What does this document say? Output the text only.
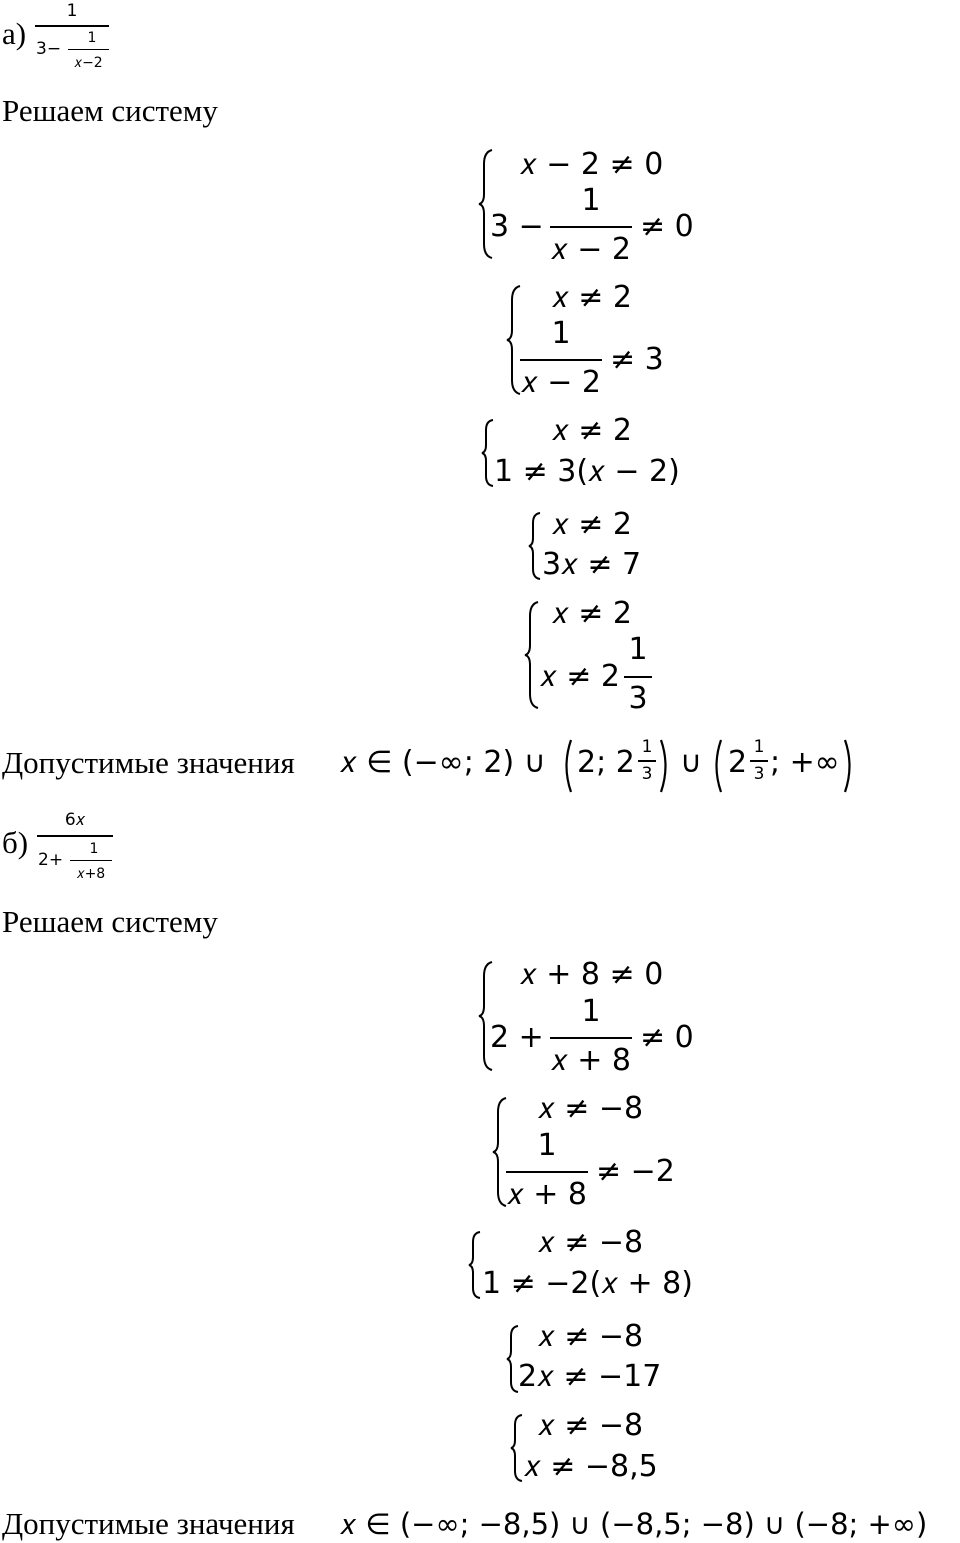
а)
1
3−
1
𝑥−2
Решаем систему
𝑥 − 2 ≠ 0
3 −
1
𝑥 − 2
≠ 0
𝑥 ≠ 2
1
𝑥 − 2
≠ 3
𝑥 ≠ 2
1 ≠ 3(𝑥 − 2)
𝑥 ≠ 2
3𝑥 ≠ 7
𝑥 ≠ 2
𝑥 ≠ 2
1
3
Допустимые значения 𝑥 ∈ (−∞; 2) ∪ 2; 2 1
3 ∪ 2 1
3 ; +∞
б)
6𝑥
2+
1
𝑥+8
Решаем систему
𝑥 + 8 ≠ 0
2 +
1
𝑥 + 8
≠ 0
𝑥 ≠ −8
1
𝑥 + 8
≠ −2
𝑥 ≠ −8
1 ≠ −2(𝑥 + 8)
𝑥 ≠ −8
2𝑥 ≠ −17
𝑥 ≠ −8
𝑥 ≠ −8,5
Допустимые значения 𝑥 ∈ (−∞; −8,5) ∪ (−8,5; −8) ∪ (−8; +∞)
